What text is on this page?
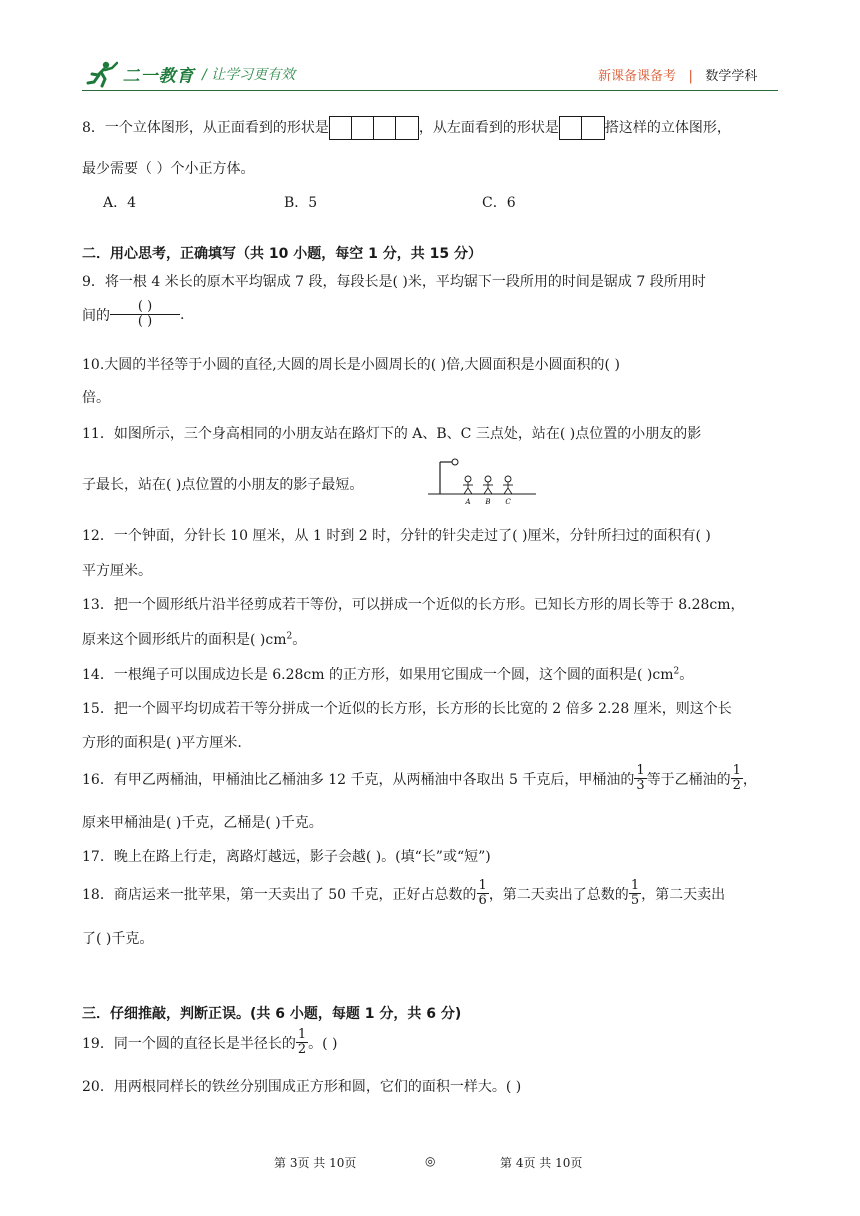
二一教育 / 让学习更有效	新课备课备考 | 数学学科
8．一个立体图形，从正面看到的形状是	，从左面看到的形状是	搭这样的立体图形，
最少需要（ ）个小正方体。
A．4	B．5	C．6
二．用心思考，正确填写（共 10 小题，每空 1 分，共 15 分）
9．将一根 4 米长的原木平均锯成 7 段，每段长是( )米，平均锯下一段所用的时间是锯成 7 段所用时
间的 $\frac{( )}{( )}$ .
10.大圆的半径等于小圆的直径,大圆的周长是小圆周长的( )倍,大圆面积是小圆面积的( )
倍。
11．如图所示，三个身高相同的小朋友站在路灯下的 A、B、C 三点处，站在( )点位置的小朋友的影
子最长，站在( )点位置的小朋友的影子最短。
A B C
12．一个钟面，分针长 10 厘米，从 1 时到 2 时，分针的针尖走过了( )厘米，分针所扫过的面积有( )
平方厘米。
13．把一个圆形纸片沿半径剪成若干等份，可以拼成一个近似的长方形。已知长方形的周长等于 8.28cm，
原来这个圆形纸片的面积是( )$cm^2$。
14．一根绳子可以围成边长是 6.28cm 的正方形，如果用它围成一个圆，这个圆的面积是( )$cm^2$。
15．把一个圆平均切成若干等分拼成一个近似的长方形，长方形的长比宽的 2 倍多 2.28 厘米，则这个长
方形的面积是( )平方厘米.
16．有甲乙两桶油，甲桶油比乙桶油多 12 千克，从两桶油中各取出 5 千克后，甲桶油的 $\frac{1}{3}$ 等于乙桶油的 $\frac{1}{2}$ ，
原来甲桶油是( )千克，乙桶是( )千克。
17．晚上在路上行走，离路灯越远，影子会越( )。(填“长”或“短”)
18．商店运来一批苹果，第一天卖出了 50 千克，正好占总数的 $\frac{1}{6}$ ，第二天卖出了总数的 $\frac{1}{5}$ ，第二天卖出
了( )千克。
三．仔细推敲，判断正误。(共 6 小题，每题 1 分，共 6 分)
19．同一个圆的直径长是半径长的 $\frac{1}{2}$ 。( )
20．用两根同样长的铁丝分别围成正方形和圆，它们的面积一样大。( )
第 3页 共 10页	◎	第 4页 共 10页
